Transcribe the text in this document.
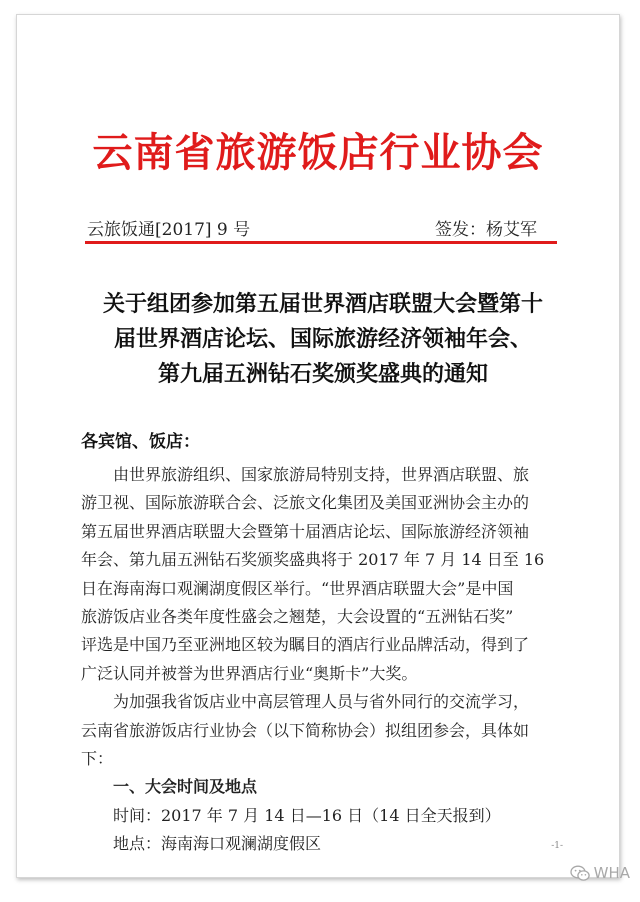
云南省旅游饭店行业协会
云旅饭通[2017] 9 号	签发：杨艾军
关于组团参加第五届世界酒店联盟大会暨第十
届世界酒店论坛、国际旅游经济领袖年会、
第九届五洲钻石奖颁奖盛典的通知
各宾馆、饭店：
　　由世界旅游组织、国家旅游局特别支持，世界酒店联盟、旅
游卫视、国际旅游联合会、泛旅文化集团及美国亚洲协会主办的
第五届世界酒店联盟大会暨第十届酒店论坛、国际旅游经济领袖
年会、第九届五洲钻石奖颁奖盛典将于 2017 年 7 月 14 日至 16
日在海南海口观澜湖度假区举行。“世界酒店联盟大会”是中国
旅游饭店业各类年度性盛会之翘楚，大会设置的“五洲钻石奖”
评选是中国乃至亚洲地区较为瞩目的酒店行业品牌活动，得到了
广泛认同并被誉为世界酒店行业“奥斯卡”大奖。
　　为加强我省饭店业中高层管理人员与省外同行的交流学习，
云南省旅游饭店行业协会（以下简称协会）拟组团参会，具体如
下：
　　一、大会时间及地点
　　时间：2017 年 7 月 14 日—16 日（14 日全天报到）
　　地点：海南海口观澜湖度假区	-1-
WHA
